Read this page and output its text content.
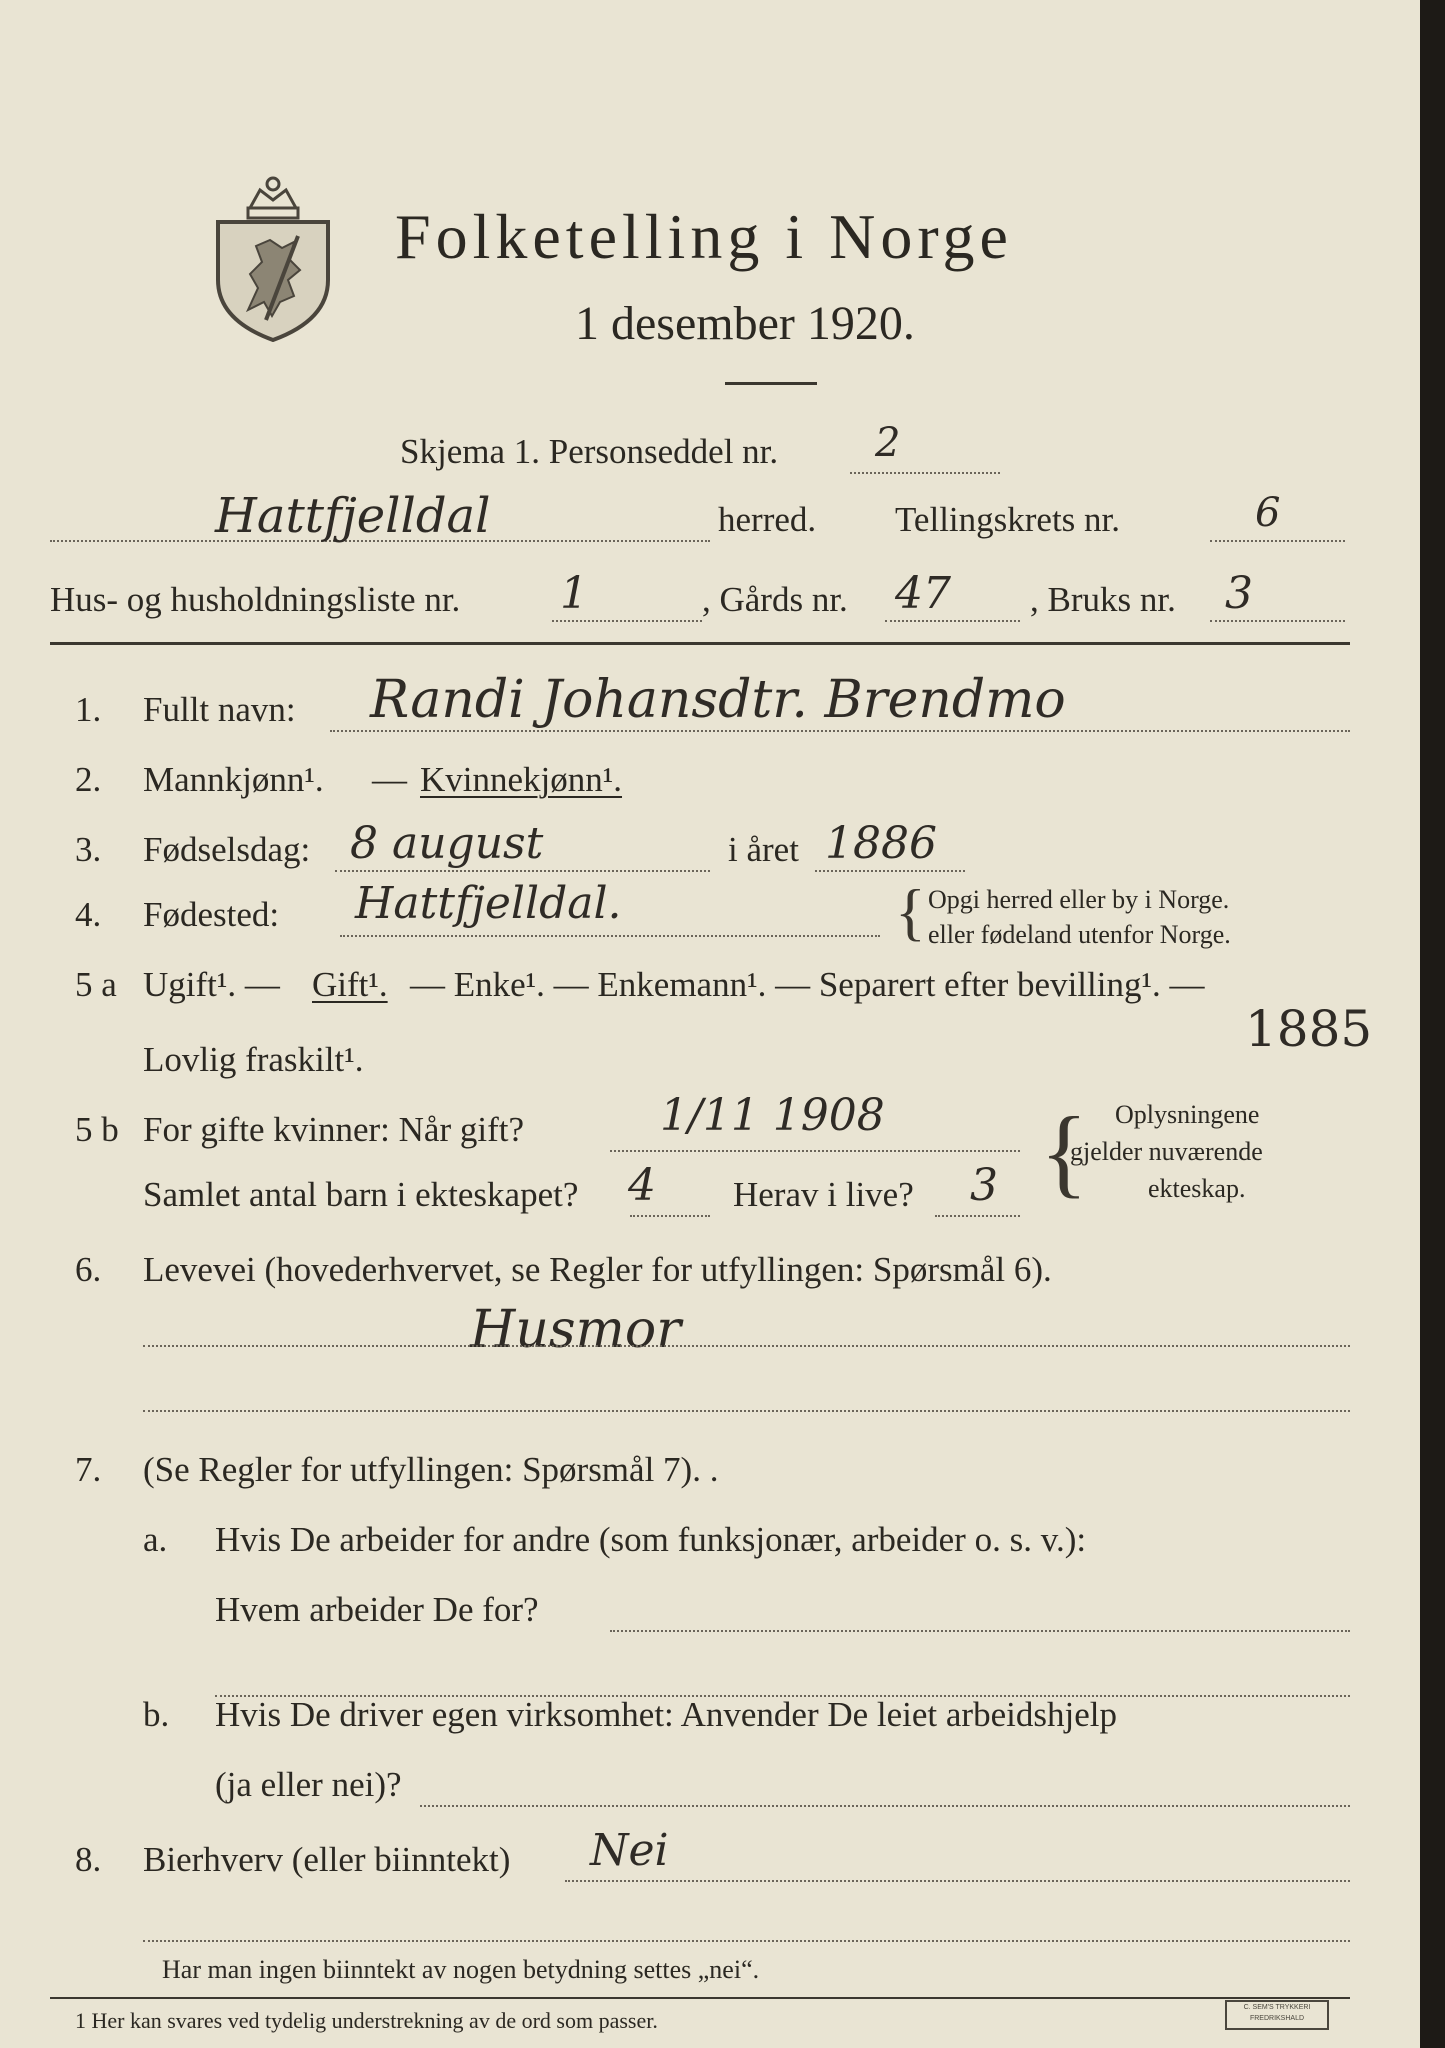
Folketelling i Norge
1 desember 1920.
Skjema 1. Personseddel nr. 2
Hattfjelldal	herred. Tellingskrets nr.	6
Hus- og husholdningsliste nr. 1	, Gårds nr. 47 , Bruks nr. 3
1. Fullt navn: Randi Johansdtr. Brendmo
2. Mannkjønn¹. — Kvinnekjønn¹.
3. Fødselsdag: 8 august	i året 1886
4. Fødested: Hattfjelldal.	{ Opgi herred eller by i Norge.
eller fødeland utenfor Norge.
5 a Ugift¹. — Gift¹. — Enke¹. — Enkemann¹. — Separert efter bevilling¹. —
Lovlig fraskilt¹.
1885
5 b For gifte kvinner: Når gift?	1/11 1908
Samlet antal barn i ekteskapet? 4 Herav i live? 3 { Oplysningene
gjelder nuværende
ekteskap.
6. Levevei (hovederhvervet, se Regler for utfyllingen: Spørsmål 6).
Husmor
7. (Se Regler for utfyllingen: Spørsmål 7). .
a. Hvis De arbeider for andre (som funksjonær, arbeider o. s. v.):
Hvem arbeider De for?
b. Hvis De driver egen virksomhet: Anvender De leiet arbeidshjelp
(ja eller nei)?
8. Bierhverv (eller biinntekt) Nei
Har man ingen biinntekt av nogen betydning settes „nei“.
1 Her kan svares ved tydelig understrekning av de ord som passer.
C. SEM'S TRYKKERI FREDRIKSHALD
